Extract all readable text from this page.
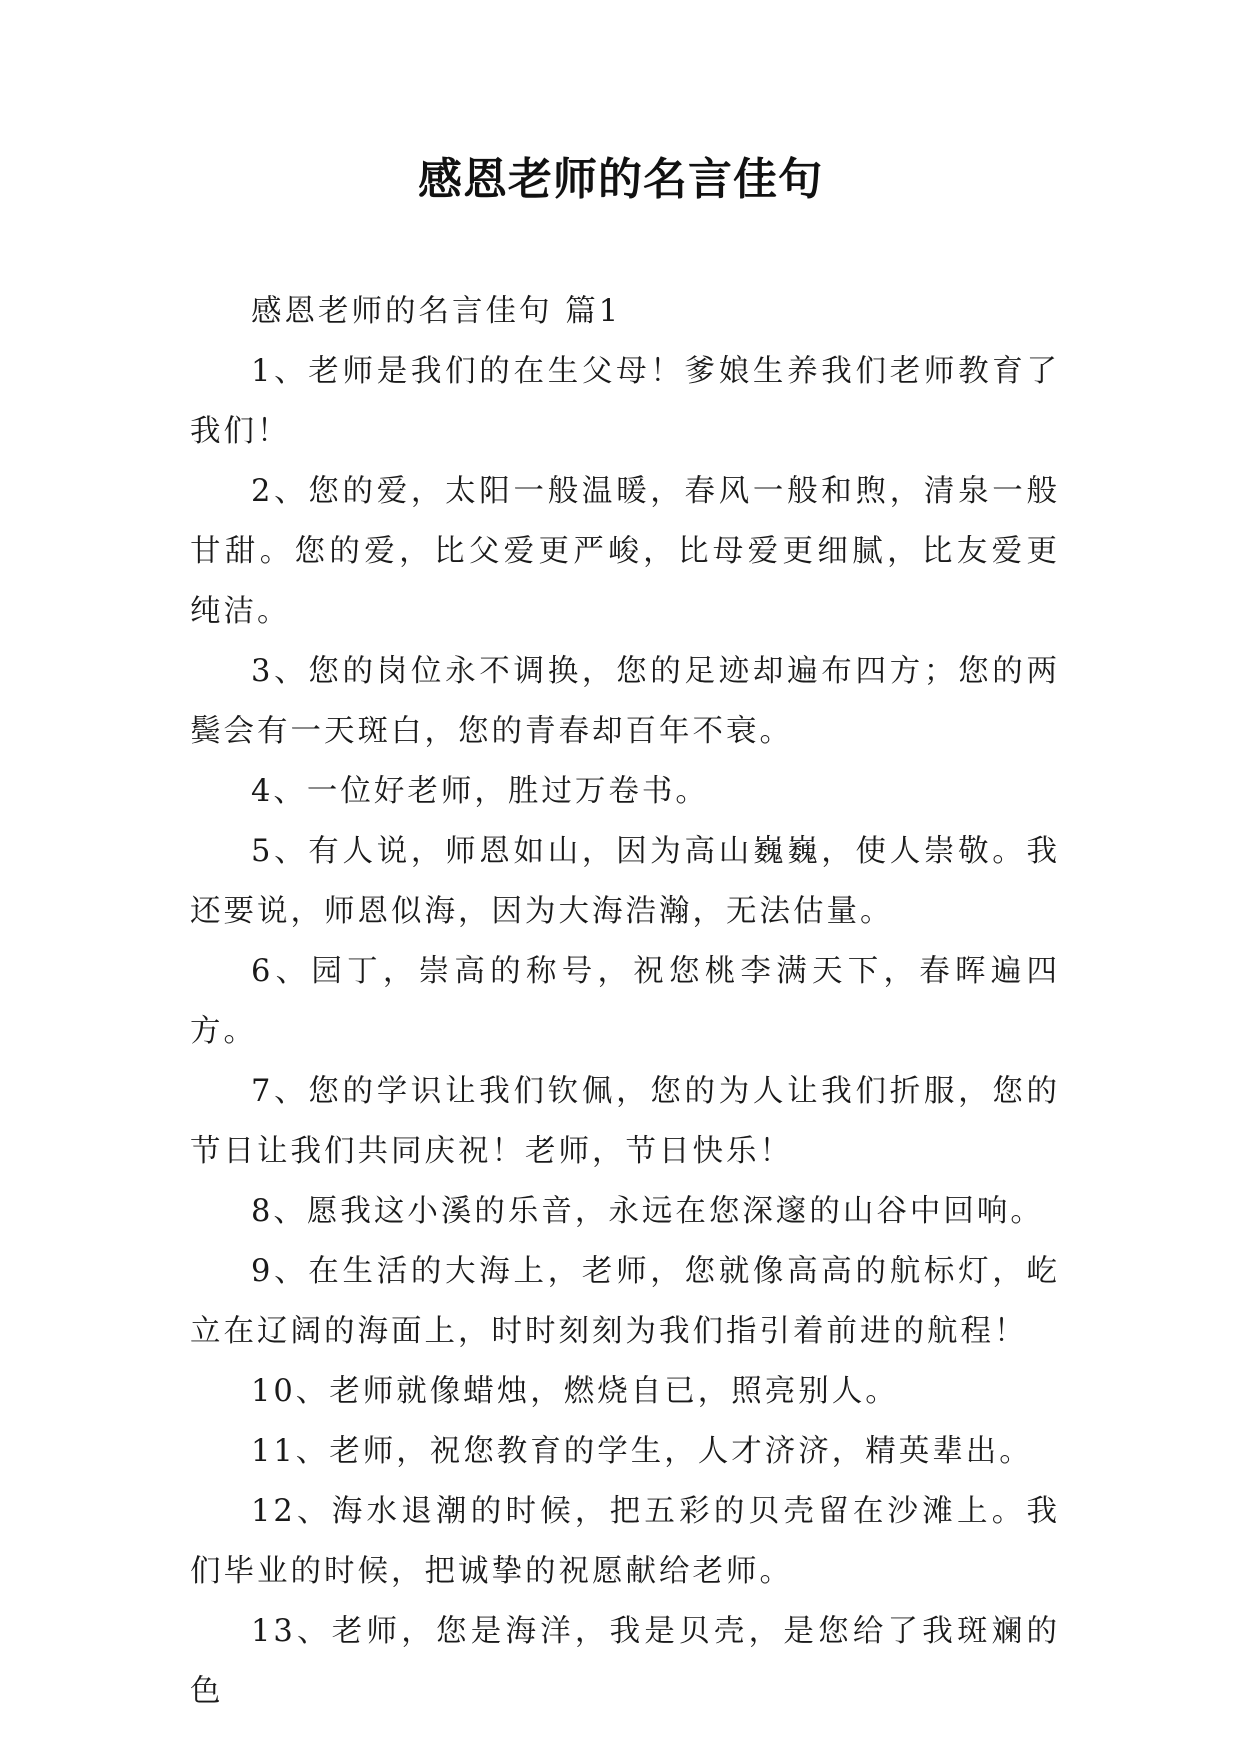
感恩老师的名言佳句

感恩老师的名言佳句 篇1

1、老师是我们的在生父母！爹娘生养我们老师教育了我们！

2、您的爱，太阳一般温暖，春风一般和煦，清泉一般甘甜。您的爱，比父爱更严峻，比母爱更细腻，比友爱更纯洁。

3、您的岗位永不调换，您的足迹却遍布四方；您的两鬓会有一天斑白，您的青春却百年不衰。

4、一位好老师，胜过万卷书。

5、有人说，师恩如山，因为高山巍巍，使人崇敬。我还要说，师恩似海，因为大海浩瀚，无法估量。

6、园丁，崇高的称号，祝您桃李满天下，春晖遍四方。

7、您的学识让我们钦佩，您的为人让我们折服，您的节日让我们共同庆祝！老师，节日快乐！

8、愿我这小溪的乐音，永远在您深邃的山谷中回响。

9、在生活的大海上，老师，您就像高高的航标灯，屹立在辽阔的海面上，时时刻刻为我们指引着前进的航程！

10、老师就像蜡烛，燃烧自已，照亮别人。

11、老师，祝您教育的学生，人才济济，精英辈出。

12、海水退潮的时候，把五彩的贝壳留在沙滩上。我们毕业的时候，把诚挚的祝愿献给老师。

13、老师，您是海洋，我是贝壳，是您给了我斑斓的色
